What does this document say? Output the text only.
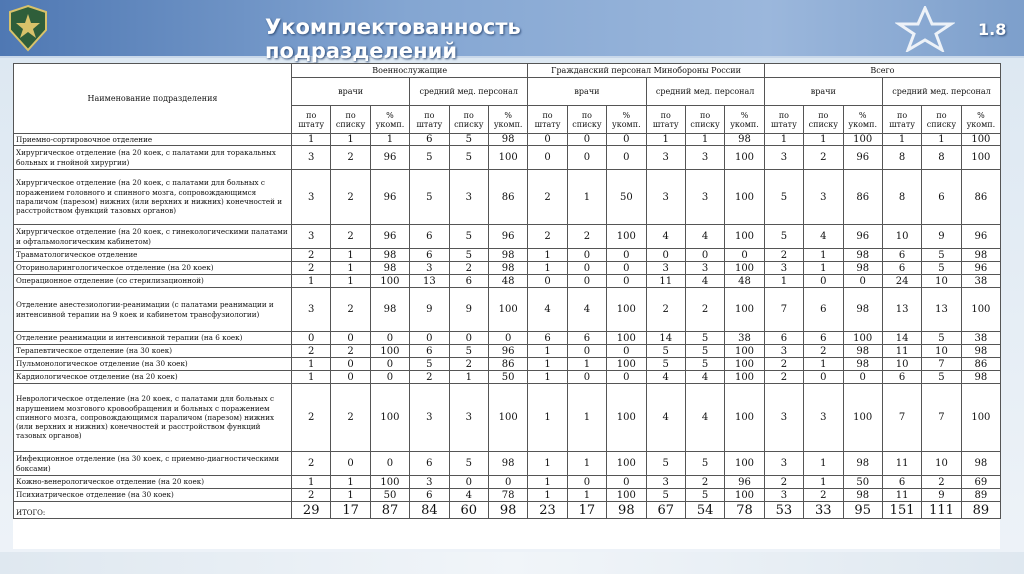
Укомплектованность подразделений
1.8
Наименование подразделения	Военнослужащие						Гражданский персонал Минобороны России						Всего					
	врачи			средний мед. персонал			врачи			средний мед. персонал			врачи			средний мед. персонал		
	по штату	по списку	% укомп.	по штату	по списку	% укомп.	по штату	по списку	% укомп.	по штату	по списку	% укомп.	по штату	по списку	% укомп.	по штату	по списку	% укомп.
Приемно-сортировочное отделение	1	1	1	6	5	98	0	0	0	1	1	98	1	1	100	1	1	100
Хирургическое отделение (на 20 коек, с палатами для торакальных больных и гнойной хирургии)	3	2	96	5	5	100	0	0	0	3	3	100	3	2	96	8	8	100
Хирургическое отделение (на 20 коек, с палатами для больных с поражением головного и спинного мозга, сопровождающимся параличом (парезом) нижних (или верхних и нижних) конечностей и расстройством функций тазовых органов)	3	2	96	5	3	86	2	1	50	3	3	100	5	3	86	8	6	86
Хирургическое отделение (на 20 коек, с гинекологическими палатами и офтальмологическим кабинетом)	3	2	96	6	5	96	2	2	100	4	4	100	5	4	96	10	9	96
Травматологическое отделение	2	1	98	6	5	98	1	0	0	0	0	0	2	1	98	6	5	98
Оториноларингологическое отделение (на 20 коек)	2	1	98	3	2	98	1	0	0	3	3	100	3	1	98	6	5	96
Операционное отделение (со стерилизационной)	1	1	100	13	6	48	0	0	0	11	4	48	1	0	0	24	10	38
Отделение анестезиологии-реанимации (с палатами реанимации и интенсивной терапии на 9 коек и кабинетом трансфузиологии)	3	2	98	9	9	100	4	4	100	2	2	100	7	6	98	13	13	100
Отделение реанимации и интенсивной терапии (на 6 коек)	0	0	0	0	0	0	6	6	100	14	5	38	6	6	100	14	5	38
Терапевтическое отделение (на 30 коек)	2	2	100	6	5	96	1	0	0	5	5	100	3	2	98	11	10	98
Пульмонологическое отделение (на 30 коек)	1	0	0	5	2	86	1	1	100	5	5	100	2	1	98	10	7	86
Кардиологическое отделение (на 20 коек)	1	0	0	2	1	50	1	0	0	4	4	100	2	0	0	6	5	98
Неврологическое отделение (на 20 коек, с палатами для больных с нарушением мозгового кровообращения и больных с поражением спинного мозга, сопровождающимся параличом (парезом) нижних (или верхних и нижних) конечностей и расстройством функций тазовых органов)	2	2	100	3	3	100	1	1	100	4	4	100	3	3	100	7	7	100
Инфекционное отделение (на 30 коек, с приемно-диагностическими боксами)	2	0	0	6	5	98	1	1	100	5	5	100	3	1	98	11	10	98
Кожно-венерологическое отделение (на 20 коек)	1	1	100	3	0	0	1	0	0	3	2	96	2	1	50	6	2	69
Психиатрическое отделение (на 30 коек)	2	1	50	6	4	78	1	1	100	5	5	100	3	2	98	11	9	89
ИТОГО:	29	17	87	84	60	98	23	17	98	67	54	78	53	33	95	151	111	89
